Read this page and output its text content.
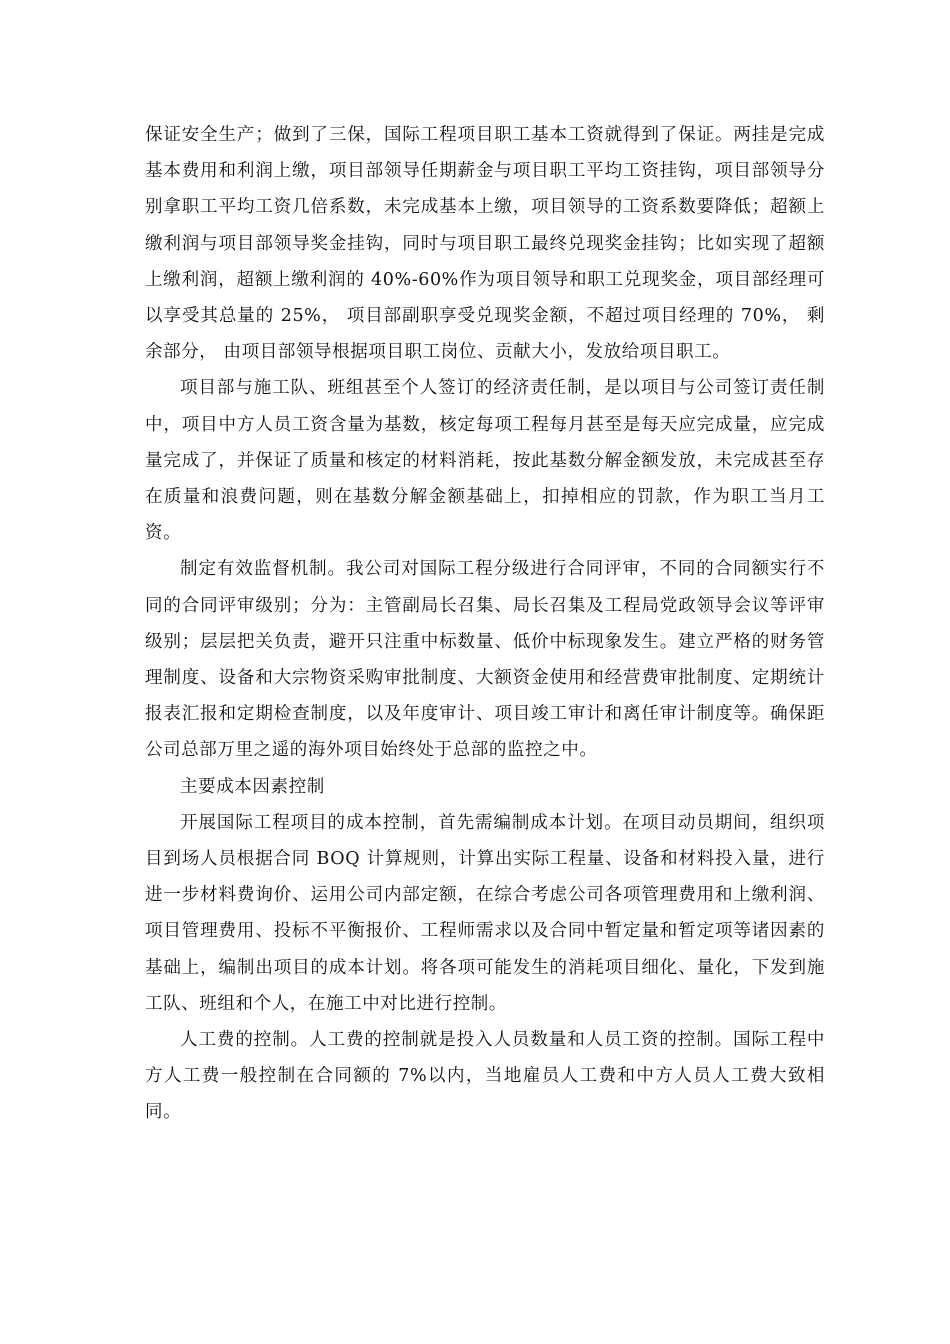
保证安全生产；做到了三保，国际工程项目职工基本工资就得到了保证。两挂是完成基本费用和利润上缴，项目部领导任期薪金与项目职工平均工资挂钩，项目部领导分别拿职工平均工资几倍系数，未完成基本上缴，项目领导的工资系数要降低；超额上缴利润与项目部领导奖金挂钩，同时与项目职工最终兑现奖金挂钩；比如实现了超额上缴利润，超额上缴利润的 40%-60%作为项目领导和职工兑现奖金，项目部经理可以享受其总量的 25%， 项目部副职享受兑现奖金额，不超过项目经理的 70%， 剩余部分， 由项目部领导根据项目职工岗位、贡献大小，发放给项目职工。

项目部与施工队、班组甚至个人签订的经济责任制，是以项目与公司签订责任制中，项目中方人员工资含量为基数，核定每项工程每月甚至是每天应完成量，应完成量完成了，并保证了质量和核定的材料消耗，按此基数分解金额发放，未完成甚至存在质量和浪费问题，则在基数分解金额基础上，扣掉相应的罚款，作为职工当月工资。

制定有效监督机制。我公司对国际工程分级进行合同评审，不同的合同额实行不同的合同评审级别；分为：主管副局长召集、局长召集及工程局党政领导会议等评审级别；层层把关负责，避开只注重中标数量、低价中标现象发生。建立严格的财务管理制度、设备和大宗物资采购审批制度、大额资金使用和经营费审批制度、定期统计报表汇报和定期检查制度，以及年度审计、项目竣工审计和离任审计制度等。确保距公司总部万里之遥的海外项目始终处于总部的监控之中。

主要成本因素控制

开展国际工程项目的成本控制，首先需编制成本计划。在项目动员期间，组织项目到场人员根据合同 BOQ 计算规则，计算出实际工程量、设备和材料投入量，进行进一步材料费询价、运用公司内部定额，在综合考虑公司各项管理费用和上缴利润、项目管理费用、投标不平衡报价、工程师需求以及合同中暂定量和暂定项等诸因素的基础上，编制出项目的成本计划。将各项可能发生的消耗项目细化、量化，下发到施工队、班组和个人，在施工中对比进行控制。

人工费的控制。人工费的控制就是投入人员数量和人员工资的控制。国际工程中方人工费一般控制在合同额的 7%以内，当地雇员人工费和中方人员人工费大致相同。
